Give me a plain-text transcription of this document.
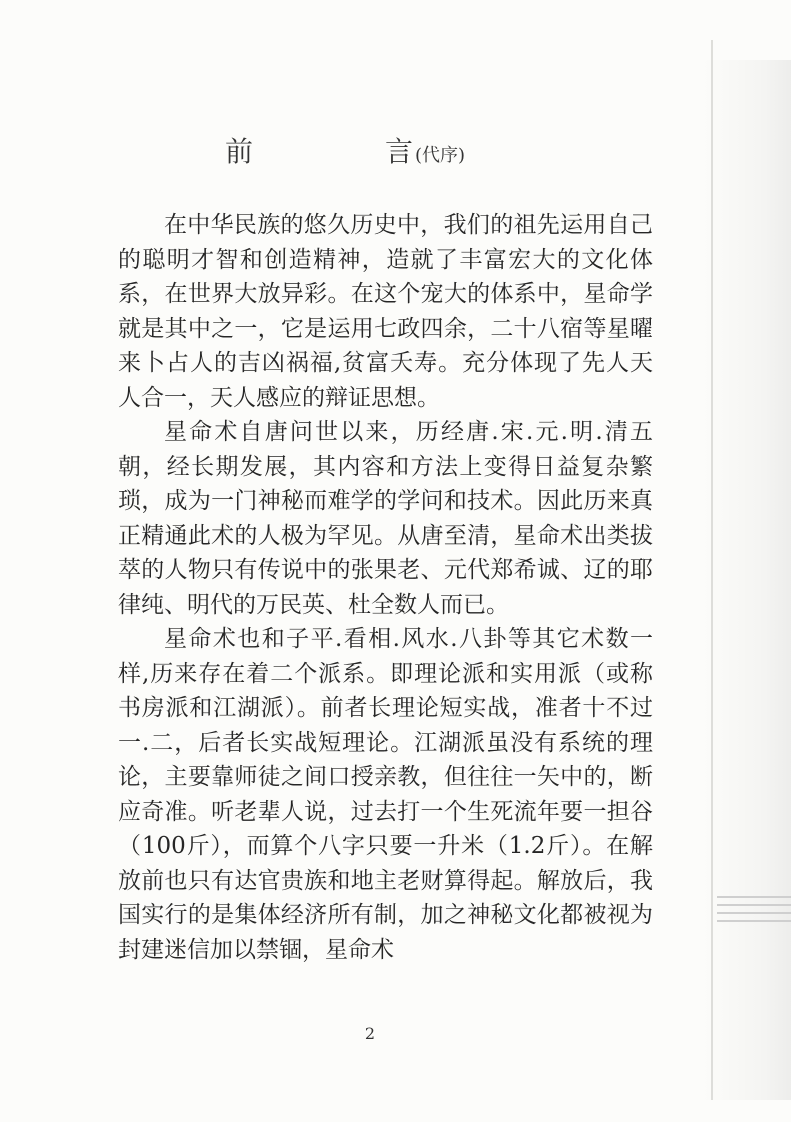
前	言 (代序)

在中华民族的悠久历史中，我们的祖先运用自己的聪明才智和创造精神，造就了丰富宏大的文化体系，在世界大放异彩。在这个宠大的体系中，星命学就是其中之一，它是运用七政四余，二十八宿等星曜来卜占人的吉凶祸福,贫富夭寿。充分体现了先人天人合一，天人感应的辩证思想。

星命术自唐问世以来，历经唐.宋.元.明.清五朝，经长期发展，其内容和方法上变得日益复杂繁琐，成为一门神秘而难学的学问和技术。因此历来真正精通此术的人极为罕见。从唐至清，星命术出类拔萃的人物只有传说中的张果老、元代郑希诚、辽的耶律纯、明代的万民英、杜全数人而已。

星命术也和子平.看相.风水.八卦等其它术数一样,历来存在着二个派系。即理论派和实用派（或称书房派和江湖派）。前者长理论短实战，准者十不过一.二，后者长实战短理论。江湖派虽没有系统的理论，主要靠师徒之间口授亲教，但往往一矢中的，断应奇准。听老辈人说，过去打一个生死流年要一担谷（100斤），而算个八字只要一升米（1.2斤）。在解放前也只有达官贵族和地主老财算得起。解放后，我国实行的是集体经济所有制，加之神秘文化都被视为封建迷信加以禁锢，星命术

2
